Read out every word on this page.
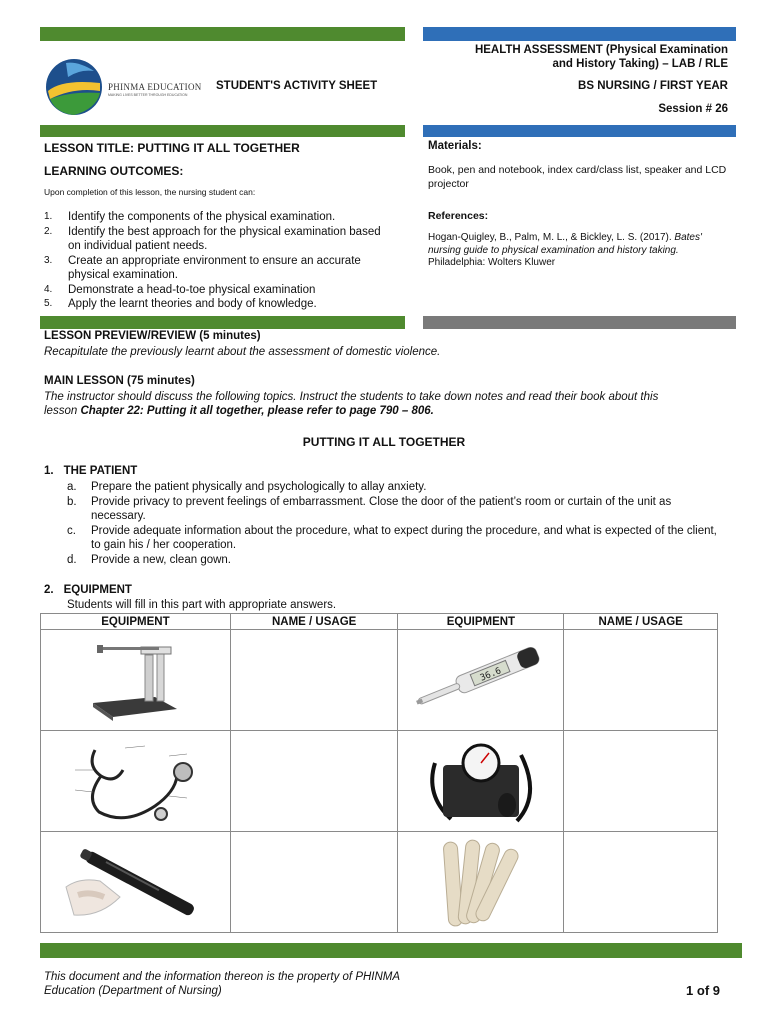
PHINMA EDUCATION
MAKING LIVES BETTER THROUGH EDUCATION
STUDENT'S ACTIVITY SHEET
HEALTH ASSESSMENT (Physical Examination
and History Taking) – LAB / RLE
BS NURSING / FIRST YEAR
Session # 26
LESSON TITLE: PUTTING IT ALL TOGETHER
LEARNING OUTCOMES:
Upon completion of this lesson, the nursing student can:
1. Identify the components of the physical examination.
2. Identify the best approach for the physical examination based on individual patient needs.
3. Create an appropriate environment to ensure an accurate physical examination.
4. Demonstrate a head-to-toe physical examination
5. Apply the learnt theories and body of knowledge.
Materials:
Book, pen and notebook, index card/class list, speaker and LCD projector
References:
Hogan-Quigley, B., Palm, M. L., & Bickley, L. S. (2017). Bates' nursing guide to physical examination and history taking. Philadelphia: Wolters Kluwer
LESSON PREVIEW/REVIEW (5 minutes)
Recapitulate the previously learnt about the assessment of domestic violence.
MAIN LESSON (75 minutes)
The instructor should discuss the following topics. Instruct the students to take down notes and read their book about this
lesson Chapter 22: Putting it all together, please refer to page 790 – 806.
PUTTING IT ALL TOGETHER
1. THE PATIENT
a. Prepare the patient physically and psychologically to allay anxiety.
b. Provide privacy to prevent feelings of embarrassment. Close the door of the patient’s room or curtain of the unit as necessary.
c. Provide adequate information about the procedure, what to expect during the procedure, and what is expected of the client, to gain his / her cooperation.
d. Provide a new, clean gown.
2. EQUIPMENT
Students will fill in this part with appropriate answers.
EQUIPMENT	NAME / USAGE	EQUIPMENT	NAME / USAGE

36.6	

This document and the information thereon is the property of PHINMA
Education (Department of Nursing)	1 of 9
